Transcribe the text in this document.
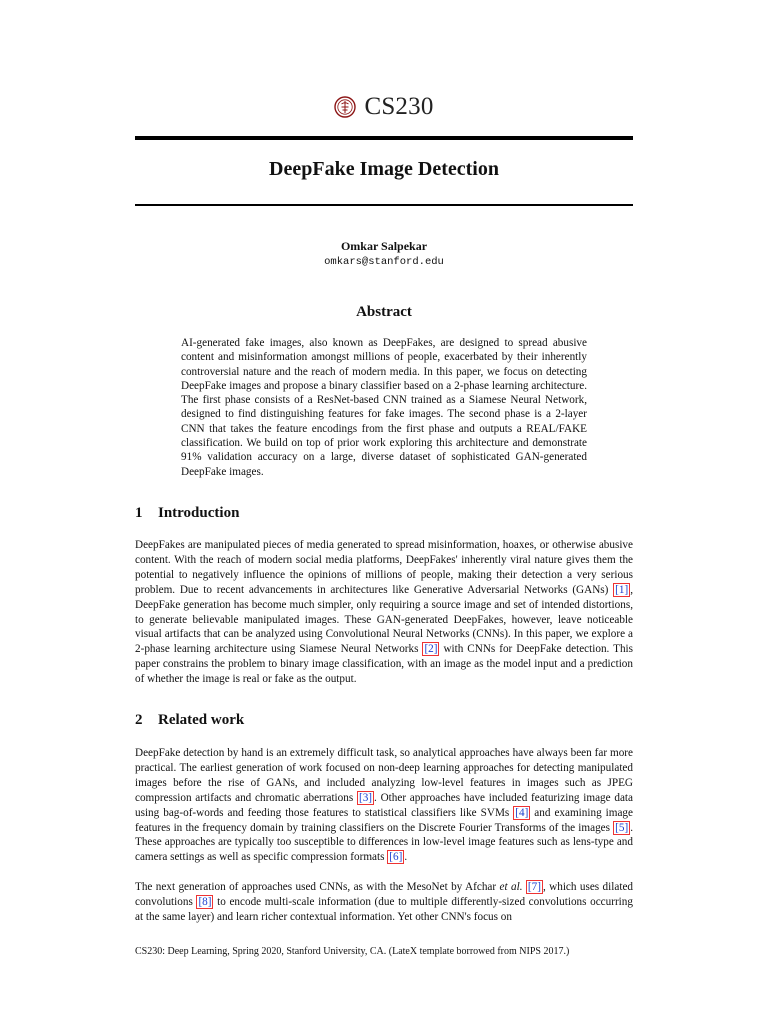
CS230
DeepFake Image Detection
Omkar Salpekar
omkars@stanford.edu
Abstract
AI-generated fake images, also known as DeepFakes, are designed to spread abusive content and misinformation amongst millions of people, exacerbated by their inherently controversial nature and the reach of modern media. In this paper, we focus on detecting DeepFake images and propose a binary classifier based on a 2-phase learning architecture. The first phase consists of a ResNet-based CNN trained as a Siamese Neural Network, designed to find distinguishing features for fake images. The second phase is a 2-layer CNN that takes the feature encodings from the first phase and outputs a REAL/FAKE classification. We build on top of prior work exploring this architecture and demonstrate 91% validation accuracy on a large, diverse dataset of sophisticated GAN-generated DeepFake images.
1 Introduction

DeepFakes are manipulated pieces of media generated to spread misinformation, hoaxes, or otherwise abusive content. With the reach of modern social media platforms, DeepFakes' inherently viral nature gives them the potential to negatively influence the opinions of millions of people, making their detection a very serious problem. Due to recent advancements in architectures like Generative Adversarial Networks (GANs) [1] , DeepFake generation has become much simpler, only requiring a source image and set of intended distortions, to generate believable manipulated images. These GAN-generated DeepFakes, however, leave noticeable visual artifacts that can be analyzed using Convolutional Neural Networks (CNNs). In this paper, we explore a 2-phase learning architecture using Siamese Neural Networks [2] with CNNs for DeepFake detection. This paper constrains the problem to binary image classification, with an image as the model input and a prediction of whether the image is real or fake as the output.

2 Related work

DeepFake detection by hand is an extremely difficult task, so analytical approaches have always been far more practical. The earliest generation of work focused on non-deep learning approaches for detecting manipulated images before the rise of GANs, and included analyzing low-level features in images such as JPEG compression artifacts and chromatic aberrations [3] . Other approaches have included featurizing image data using bag-of-words and feeding those features to statistical classifiers like SVMs [4] and examining image features in the frequency domain by training classifiers on the Discrete Fourier Transforms of the images [5] . These approaches are typically too susceptible to differences in low-level image features such as lens-type and camera settings as well as specific compression formats [6] .

The next generation of approaches used CNNs, as with the MesoNet by Afchar et al. [7] , which uses dilated convolutions [8] to encode multi-scale information (due to multiple differently-sized convolutions occurring at the same layer) and learn richer contextual information. Yet other CNN's focus on

CS230: Deep Learning, Spring 2020, Stanford University, CA. (LateX template borrowed from NIPS 2017.)
